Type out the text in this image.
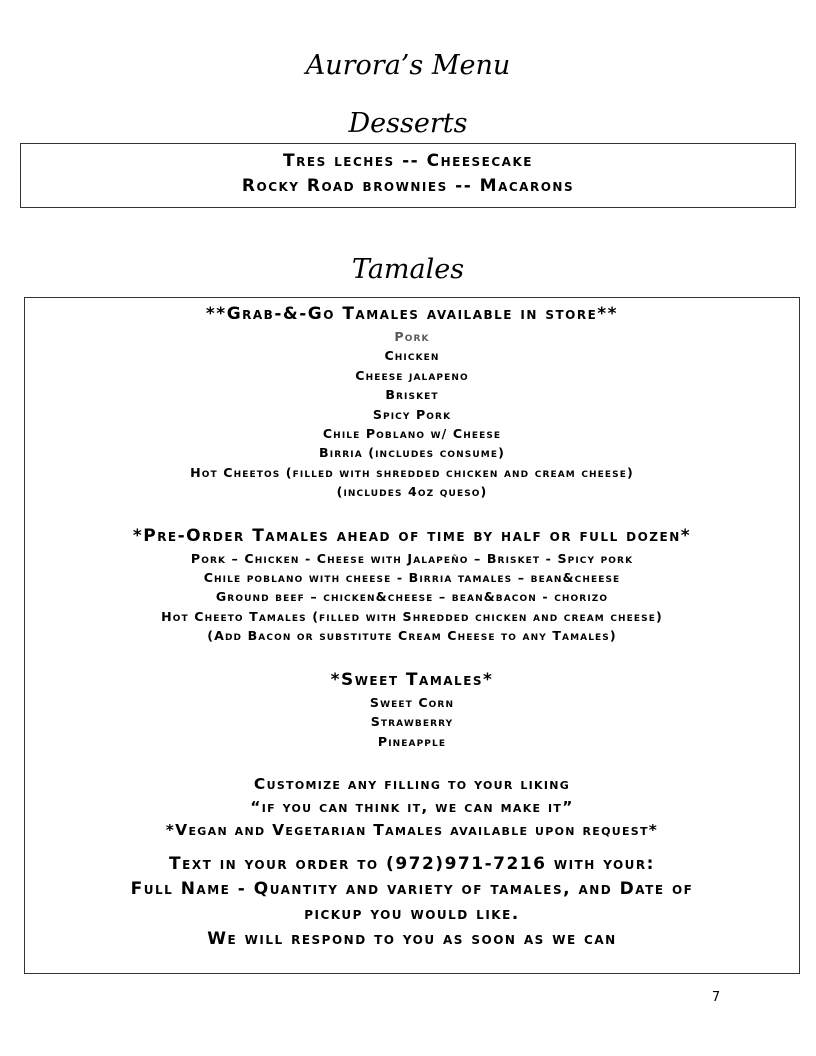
Aurora’s Menu
Desserts
Tres leches -- Cheesecake
Rocky Road brownies -- Macarons
Tamales
**Grab-&-Go Tamales available in store**
Pork
Chicken
Cheese jalapeno
Brisket
Spicy Pork
Chile Poblano w/ Cheese
Birria (includes consume)
Hot Cheetos (filled with shredded chicken and cream cheese)
(includes 4oz queso)
*Pre-Order Tamales ahead of time by half or full dozen*
Pork – Chicken - Cheese with Jalapeño – Brisket - Spicy pork
Chile poblano with cheese - Birria tamales – bean&cheese
Ground beef – chicken&cheese – bean&bacon - chorizo
Hot Cheeto Tamales (filled with Shredded chicken and cream cheese)
(Add Bacon or substitute Cream Cheese to any Tamales)
*Sweet Tamales*
Sweet Corn
Strawberry
Pineapple
Customize any filling to your liking
“if you can think it, we can make it”
*Vegan and Vegetarian Tamales available upon request*
Text in your order to (972)971-7216 with your:
Full Name - Quantity and variety of tamales, and Date of
pickup you would like.
We will respond to you as soon as we can
7
